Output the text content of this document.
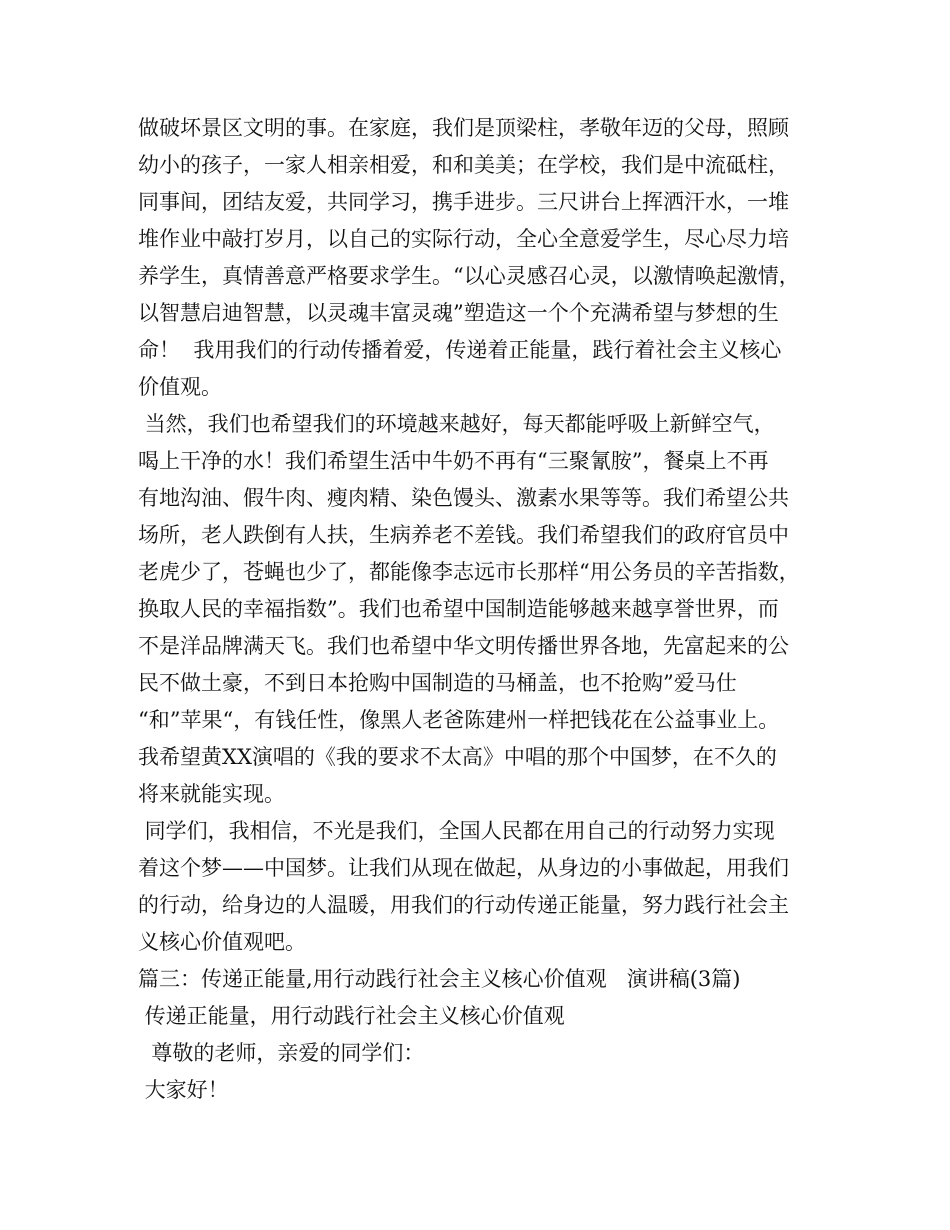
做破坏景区文明的事。在家庭，我们是顶梁柱，孝敬年迈的父母，照顾
幼小的孩子，一家人相亲相爱，和和美美；在学校，我们是中流砥柱，
同事间，团结友爱，共同学习，携手进步。三尺讲台上挥洒汗水，一堆
堆作业中敲打岁月，以自己的实际行动，全心全意爱学生，尽心尽力培
养学生，真情善意严格要求学生。“以心灵感召心灵，以激情唤起激情，
以智慧启迪智慧，以灵魂丰富灵魂”塑造这一个个充满希望与梦想的生
命！  我用我们的行动传播着爱，传递着正能量，践行着社会主义核心
价值观。
当然，我们也希望我们的环境越来越好，每天都能呼吸上新鲜空气，
喝上干净的水！我们希望生活中牛奶不再有“三聚氰胺”，餐桌上不再
有地沟油、假牛肉、瘦肉精、染色馒头、激素水果等等。我们希望公共
场所，老人跌倒有人扶，生病养老不差钱。我们希望我们的政府官员中
老虎少了，苍蝇也少了，都能像李志远市长那样“用公务员的辛苦指数，
换取人民的幸福指数”。我们也希望中国制造能够越来越享誉世界，而
不是洋品牌满天飞。我们也希望中华文明传播世界各地，先富起来的公
民不做土豪，不到日本抢购中国制造的马桶盖，也不抢购”爱马仕
“和”苹果“，有钱任性，像黑人老爸陈建州一样把钱花在公益事业上。
我希望黄XX演唱的《我的要求不太高》中唱的那个中国梦，在不久的
将来就能实现。
同学们，我相信，不光是我们，全国人民都在用自己的行动努力实现
着这个梦——中国梦。让我们从现在做起，从身边的小事做起，用我们
的行动，给身边的人温暖，用我们的行动传递正能量，努力践行社会主
义核心价值观吧。
篇三：传递正能量,用行动践行社会主义核心价值观   演讲稿(3篇)
传递正能量，用行动践行社会主义核心价值观
尊敬的老师，亲爱的同学们：
大家好！
